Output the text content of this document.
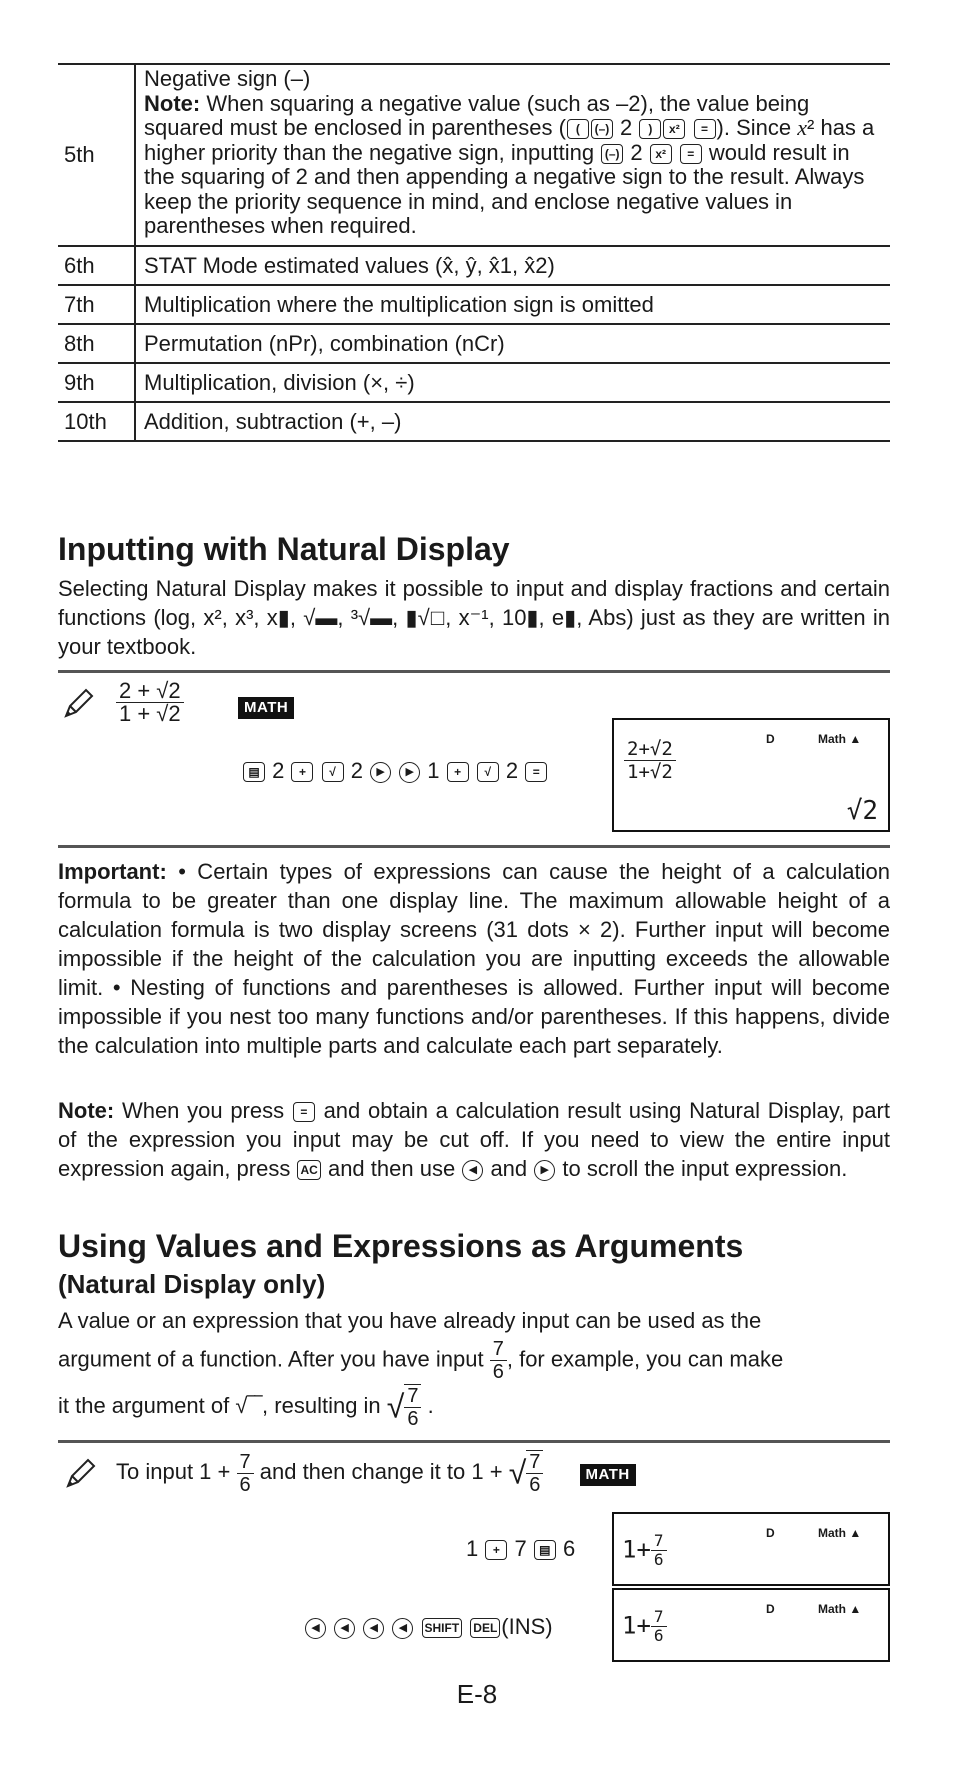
5th	Negative sign (–)
Note: When squaring a negative value (such as –2), the value being squared must be enclosed in parentheses ( ( (–) 2 ) x² = ). Since x² has a higher priority than the negative sign, inputting (–) 2 x² = would result in the squaring of 2 and then appending a negative sign to the result. Always keep the priority sequence in mind, and enclose negative values in parentheses when required.
6th	STAT Mode estimated values (x̂, ŷ, x̂1, x̂2)
7th	Multiplication where the multiplication sign is omitted
8th	Permutation (nPr), combination (nCr)
9th	Multiplication, division (×, ÷)
10th	Addition, subtraction (+, –)
Inputting with Natural Display
Selecting Natural Display makes it possible to input and display fractions and certain functions (log, x², x³, x▮, √▬, ³√▬, ▮√□, x⁻¹, 10▮, e▮, Abs) just as they are written in your textbook.
$\frac{2 + √2}{1 + √2}$	MATH
▤ 2 + √ 2 ▶ ▶ 1 + √ 2 =
D	Math ▲
$\frac{2+√2}{1+√2}$
√2
Important: • Certain types of expressions can cause the height of a calculation formula to be greater than one display line. The maximum allowable height of a calculation formula is two display screens (31 dots × 2). Further input will become impossible if the height of the calculation you are inputting exceeds the allowable limit. • Nesting of functions and parentheses is allowed. Further input will become impossible if you nest too many functions and/or parentheses. If this happens, divide the calculation into multiple parts and calculate each part separately.
Note: When you press = and obtain a calculation result using Natural Display, part of the expression you input may be cut off. If you need to view the entire input expression again, press AC and then use ◀ and ▶ to scroll the input expression.
Using Values and Expressions as Arguments
(Natural Display only)
A value or an expression that you have already input can be used as the
argument of a function. After you have input $\frac{7}{6}$ , for example, you can make
it the argument of √‾‾, resulting in √ $\frac{7}{6}$ .
To input $1 + \frac{7}{6}$ and then change it to 1 + √ $\frac{7}{6}$	MATH
1 + 7 ▤ 6
D	Math ▲
$1+ \frac{7}{6}$
◀ ◀ ◀ ◀ SHIFT DEL (INS)
D	Math ▲
$1+ \frac{7}{6}$
E-8
